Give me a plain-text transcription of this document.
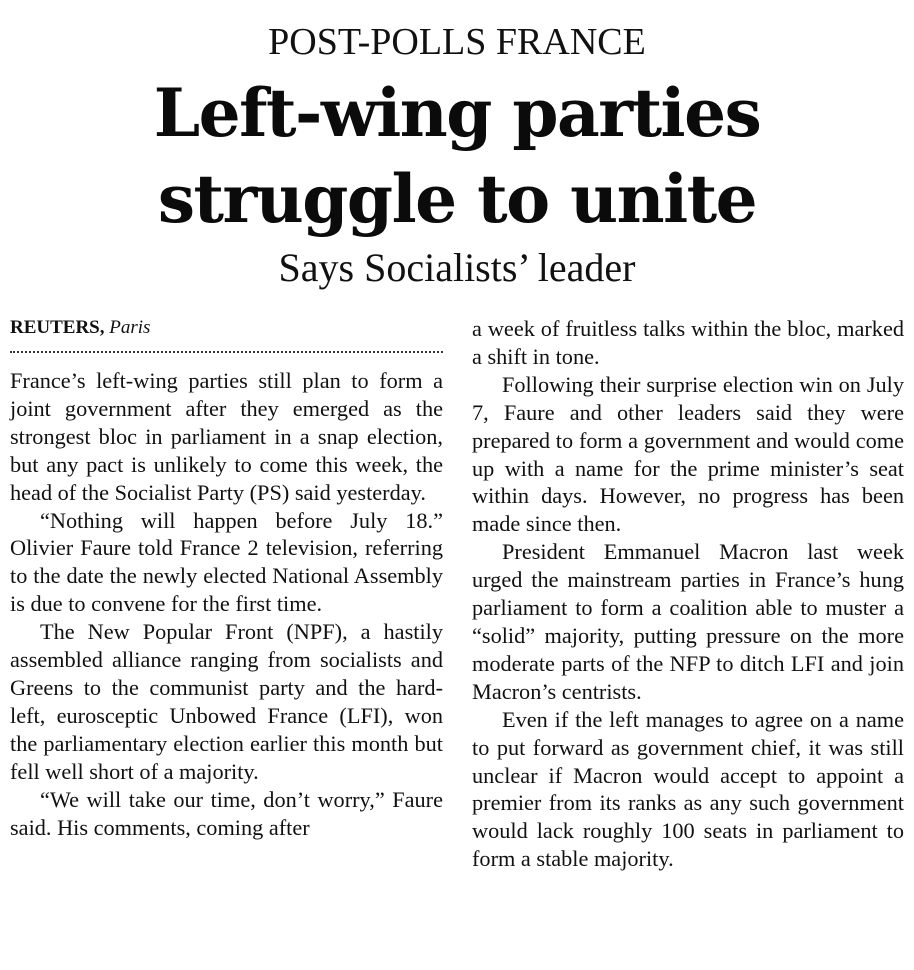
POST-POLLS FRANCE
Left-wing parties
struggle to unite
Says Socialists’ leader
REUTERS, Paris

France’s left-wing parties still plan to form a joint government after they emerged as the strongest bloc in parliament in a snap election, but any pact is unlikely to come this week, the head of the Socialist Party (PS) said yesterday.

“Nothing will happen before July 18.” Olivier Faure told France 2 television, referring to the date the newly elected National Assembly is due to convene for the first time.

The New Popular Front (NPF), a hastily assembled alliance ranging from socialists and Greens to the communist party and the hard-left, eurosceptic Unbowed France (LFI), won the parliamentary election earlier this month but fell well short of a majority.

“We will take our time, don’t worry,” Faure said. His comments, coming after

a week of fruitless talks within the bloc, marked a shift in tone.

Following their surprise election win on July 7, Faure and other leaders said they were prepared to form a government and would come up with a name for the prime minister’s seat within days. However, no progress has been made since then.

President Emmanuel Macron last week urged the mainstream parties in France’s hung parliament to form a coalition able to muster a “solid” majority, putting pressure on the more moderate parts of the NFP to ditch LFI and join Macron’s centrists.

Even if the left manages to agree on a name to put forward as government chief, it was still unclear if Macron would accept to appoint a premier from its ranks as any such government would lack roughly 100 seats in parliament to form a stable majority.
